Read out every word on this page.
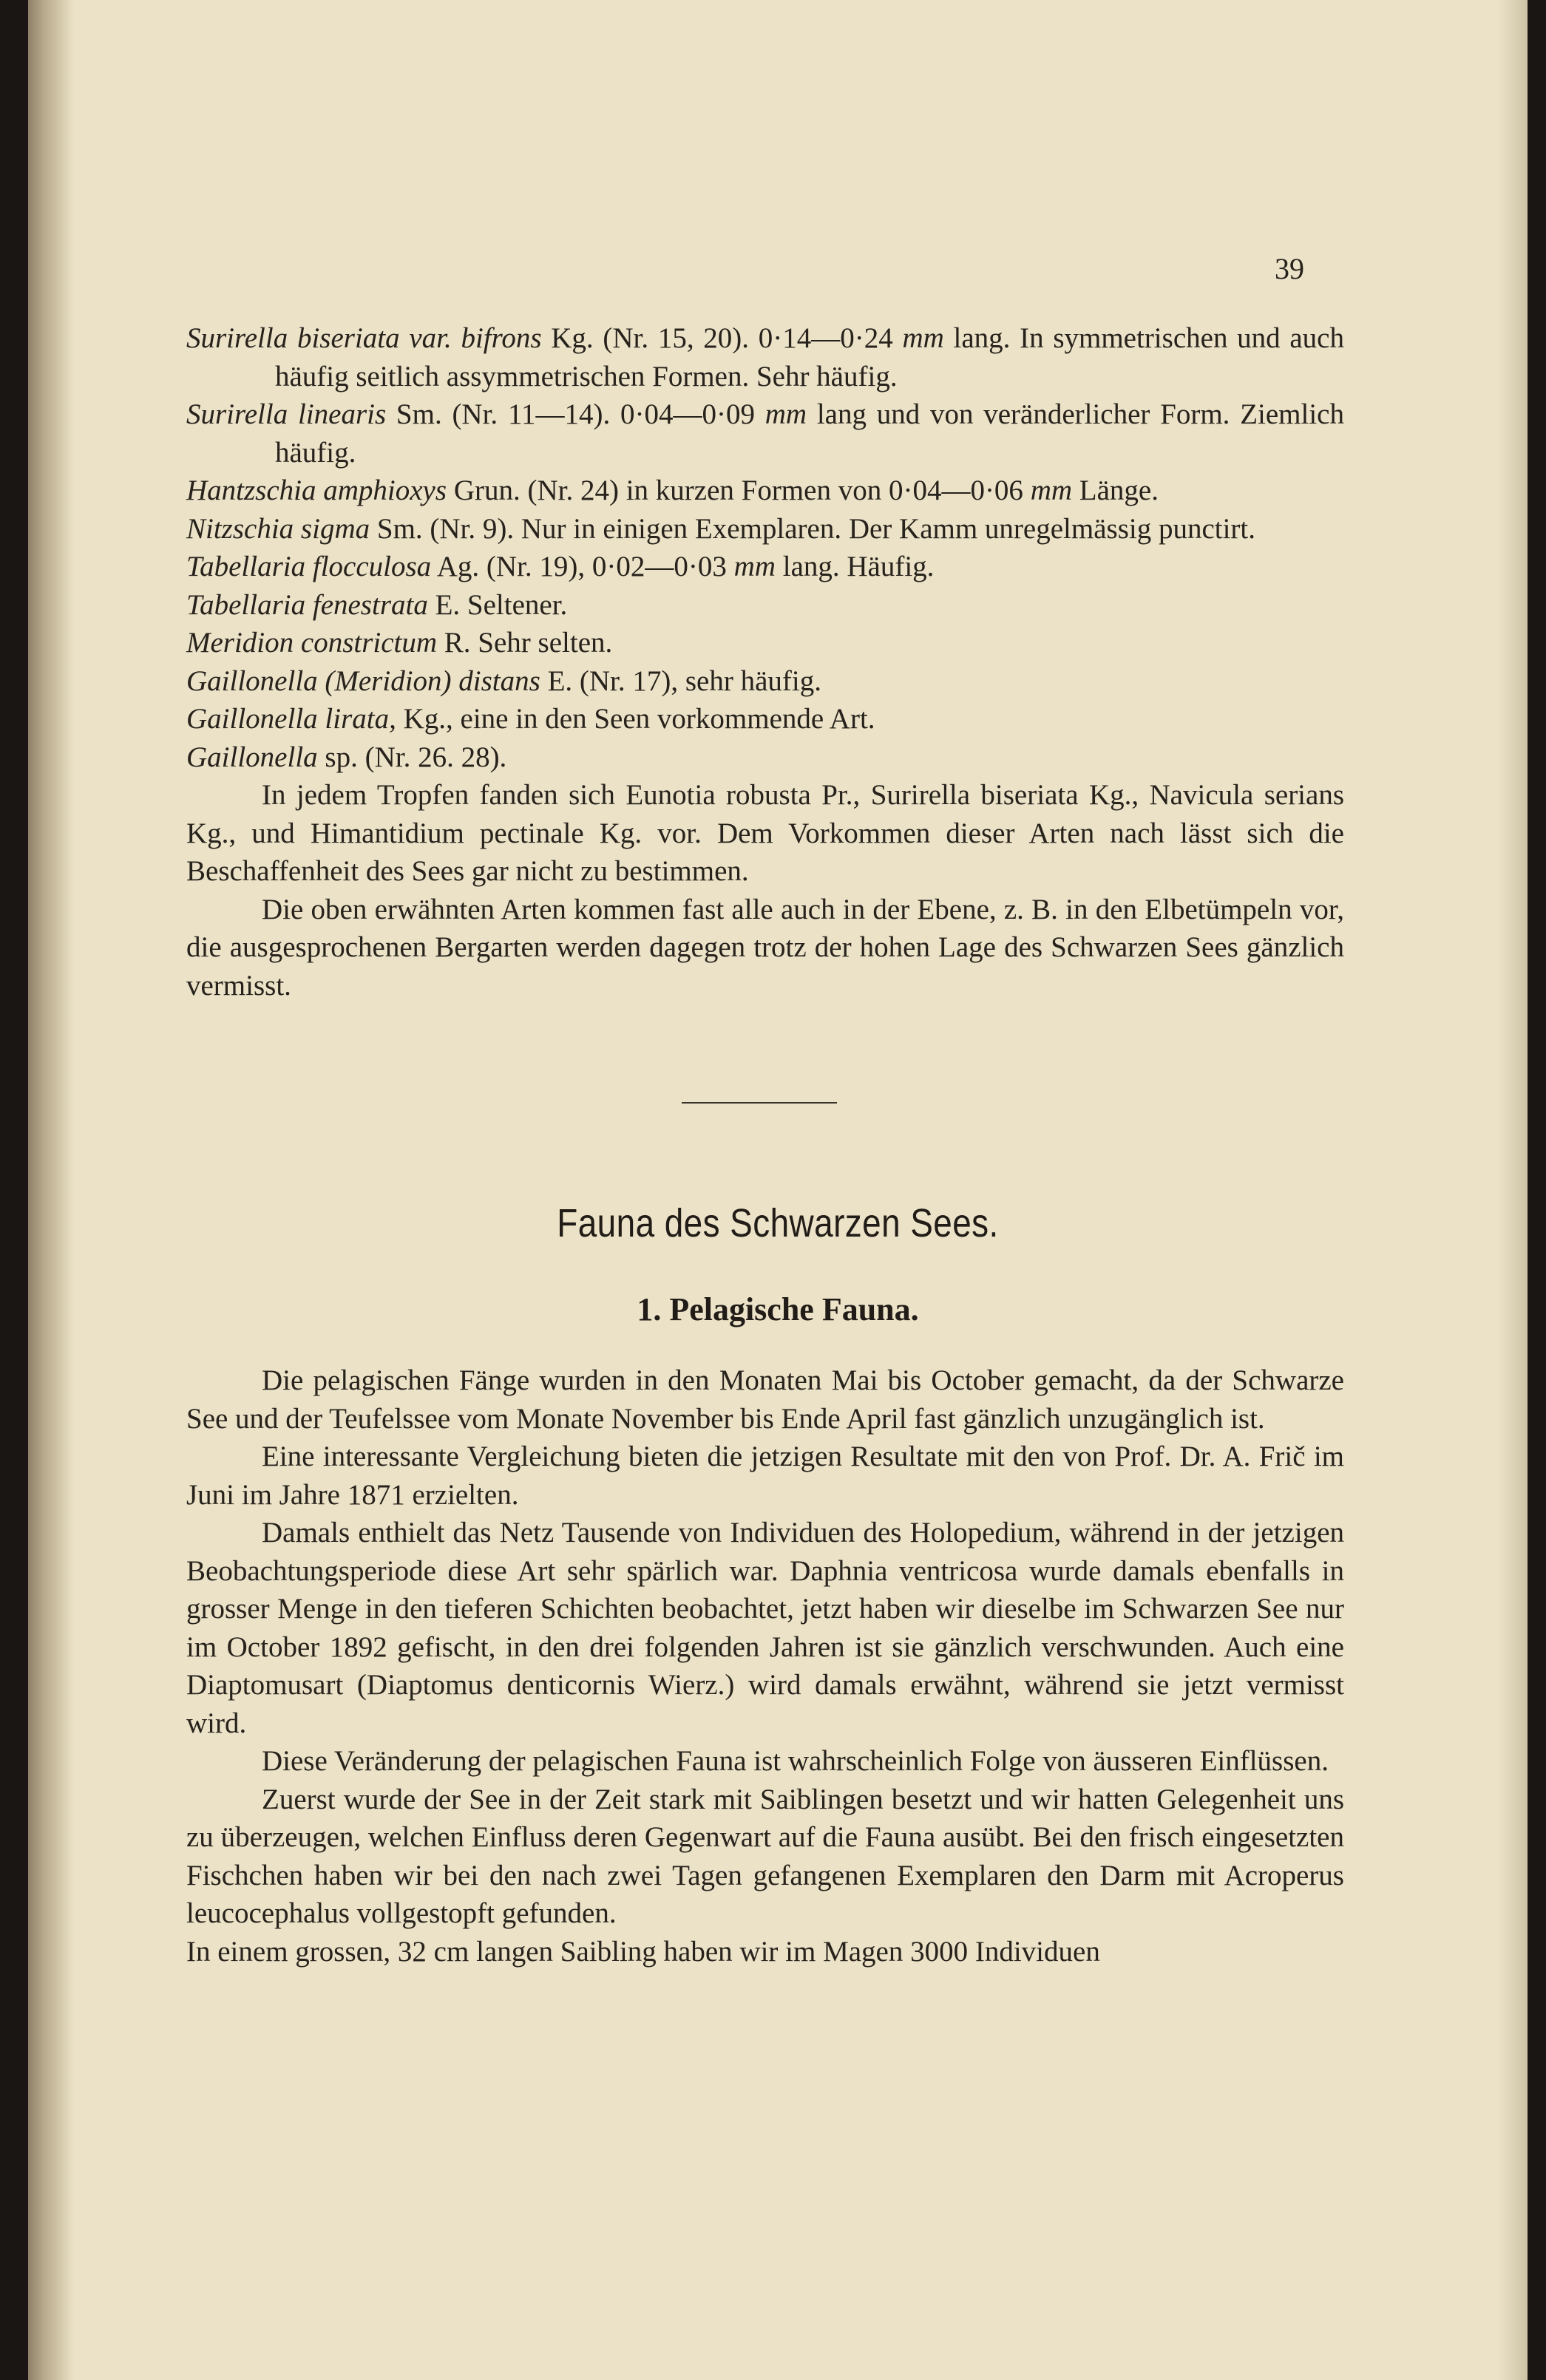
39
Surirella biseriata var. bifrons Kg. (Nr. 15, 20). 0·14—0·24 mm lang. In symmetrischen und auch häufig seitlich assymmetrischen Formen. Sehr häufig.
Surirella linearis Sm. (Nr. 11—14). 0·04—0·09 mm lang und von veränderlicher Form. Ziemlich häufig.
Hantzschia amphioxys Grun. (Nr. 24) in kurzen Formen von 0·04—0·06 mm Länge.
Nitzschia sigma Sm. (Nr. 9). Nur in einigen Exemplaren. Der Kamm unregelmässig punctirt.
Tabellaria flocculosa Ag. (Nr. 19), 0·02—0·03 mm lang. Häufig.
Tabellaria fenestrata E. Seltener.
Meridion constrictum R. Sehr selten.
Gaillonella (Meridion) distans E. (Nr. 17), sehr häufig.
Gaillonella lirata, Kg., eine in den Seen vorkommende Art.
Gaillonella sp. (Nr. 26. 28).

In jedem Tropfen fanden sich Eunotia robusta Pr., Surirella biseriata Kg., Navicula serians Kg., und Himantidium pectinale Kg. vor. Dem Vorkommen dieser Arten nach lässt sich die Beschaffenheit des Sees gar nicht zu bestimmen.

Die oben erwähnten Arten kommen fast alle auch in der Ebene, z. B. in den Elbetümpeln vor, die ausgesprochenen Bergarten werden dagegen trotz der hohen Lage des Schwarzen Sees gänzlich vermisst.

Fauna des Schwarzen Sees.
1. Pelagische Fauna.

Die pelagischen Fänge wurden in den Monaten Mai bis October gemacht, da der Schwarze See und der Teufelssee vom Monate November bis Ende April fast gänzlich unzugänglich ist.

Eine interessante Vergleichung bieten die jetzigen Resultate mit den von Prof. Dr. A. Frič im Juni im Jahre 1871 erzielten.

Damals enthielt das Netz Tausende von Individuen des Holopedium, während in der jetzigen Beobachtungsperiode diese Art sehr spärlich war. Daphnia ventricosa wurde damals ebenfalls in grosser Menge in den tieferen Schichten beobachtet, jetzt haben wir dieselbe im Schwarzen See nur im October 1892 gefischt, in den drei folgenden Jahren ist sie gänzlich verschwunden. Auch eine Diaptomusart (Diaptomus denticornis Wierz.) wird damals erwähnt, während sie jetzt vermisst wird.

Diese Veränderung der pelagischen Fauna ist wahrscheinlich Folge von äusseren Einflüssen.

Zuerst wurde der See in der Zeit stark mit Saiblingen besetzt und wir hatten Gelegenheit uns zu überzeugen, welchen Einfluss deren Gegenwart auf die Fauna ausübt. Bei den frisch eingesetzten Fischchen haben wir bei den nach zwei Tagen gefangenen Exemplaren den Darm mit Acroperus leucocephalus vollgestopft gefunden.

In einem grossen, 32 cm langen Saibling haben wir im Magen 3000 Individuen
